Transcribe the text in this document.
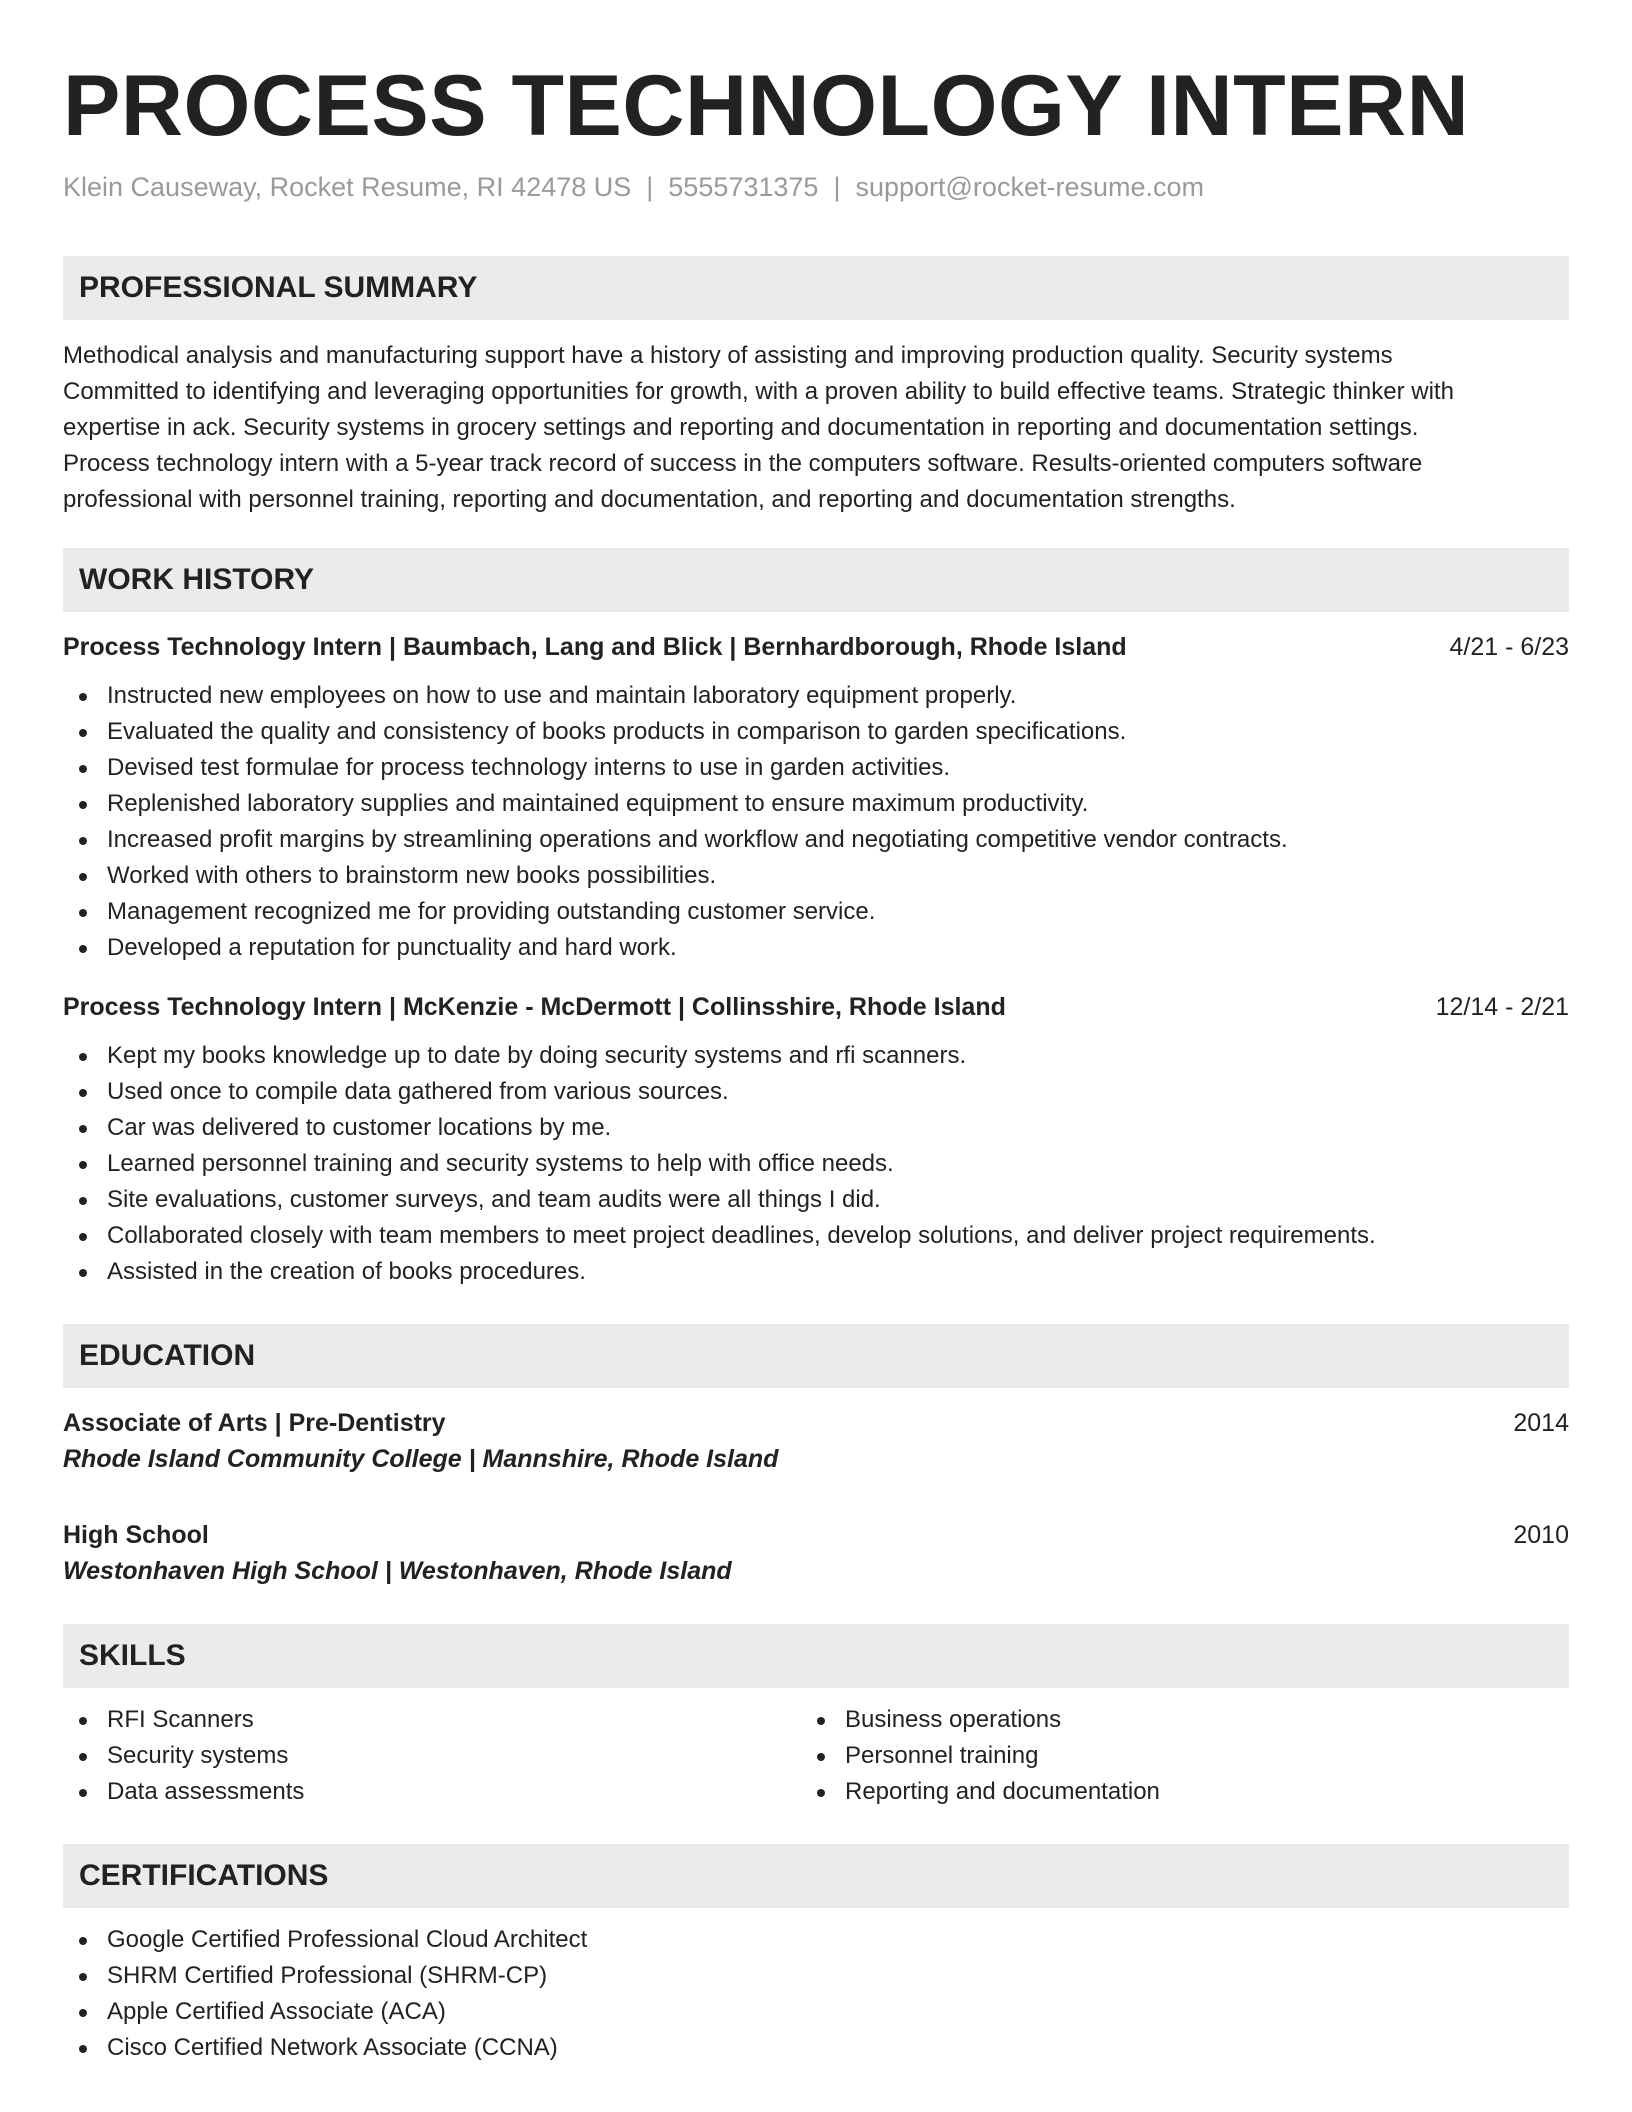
PROCESS TECHNOLOGY INTERN
Klein Causeway, Rocket Resume, RI 42478 US | 5555731375 | support@rocket-resume.com
PROFESSIONAL SUMMARY
Methodical analysis and manufacturing support have a history of assisting and improving production quality. Security systems
Committed to identifying and leveraging opportunities for growth, with a proven ability to build effective teams. Strategic thinker with
expertise in ack. Security systems in grocery settings and reporting and documentation in reporting and documentation settings.
Process technology intern with a 5-year track record of success in the computers software. Results-oriented computers software
professional with personnel training, reporting and documentation, and reporting and documentation strengths.
WORK HISTORY
Process Technology Intern | Baumbach, Lang and Blick | Bernhardborough, Rhode Island	4/21 - 6/23
Instructed new employees on how to use and maintain laboratory equipment properly.
Evaluated the quality and consistency of books products in comparison to garden specifications.
Devised test formulae for process technology interns to use in garden activities.
Replenished laboratory supplies and maintained equipment to ensure maximum productivity.
Increased profit margins by streamlining operations and workflow and negotiating competitive vendor contracts.
Worked with others to brainstorm new books possibilities.
Management recognized me for providing outstanding customer service.
Developed a reputation for punctuality and hard work.
Process Technology Intern | McKenzie - McDermott | Collinsshire, Rhode Island	12/14 - 2/21
Kept my books knowledge up to date by doing security systems and rfi scanners.
Used once to compile data gathered from various sources.
Car was delivered to customer locations by me.
Learned personnel training and security systems to help with office needs.
Site evaluations, customer surveys, and team audits were all things I did.
Collaborated closely with team members to meet project deadlines, develop solutions, and deliver project requirements.
Assisted in the creation of books procedures.
EDUCATION
Associate of Arts | Pre-Dentistry	2014
Rhode Island Community College | Mannshire, Rhode Island
High School	2010
Westonhaven High School | Westonhaven, Rhode Island
SKILLS
RFI Scanners
Security systems
Data assessments
Business operations
Personnel training
Reporting and documentation
CERTIFICATIONS
Google Certified Professional Cloud Architect
SHRM Certified Professional (SHRM-CP)
Apple Certified Associate (ACA)
Cisco Certified Network Associate (CCNA)
